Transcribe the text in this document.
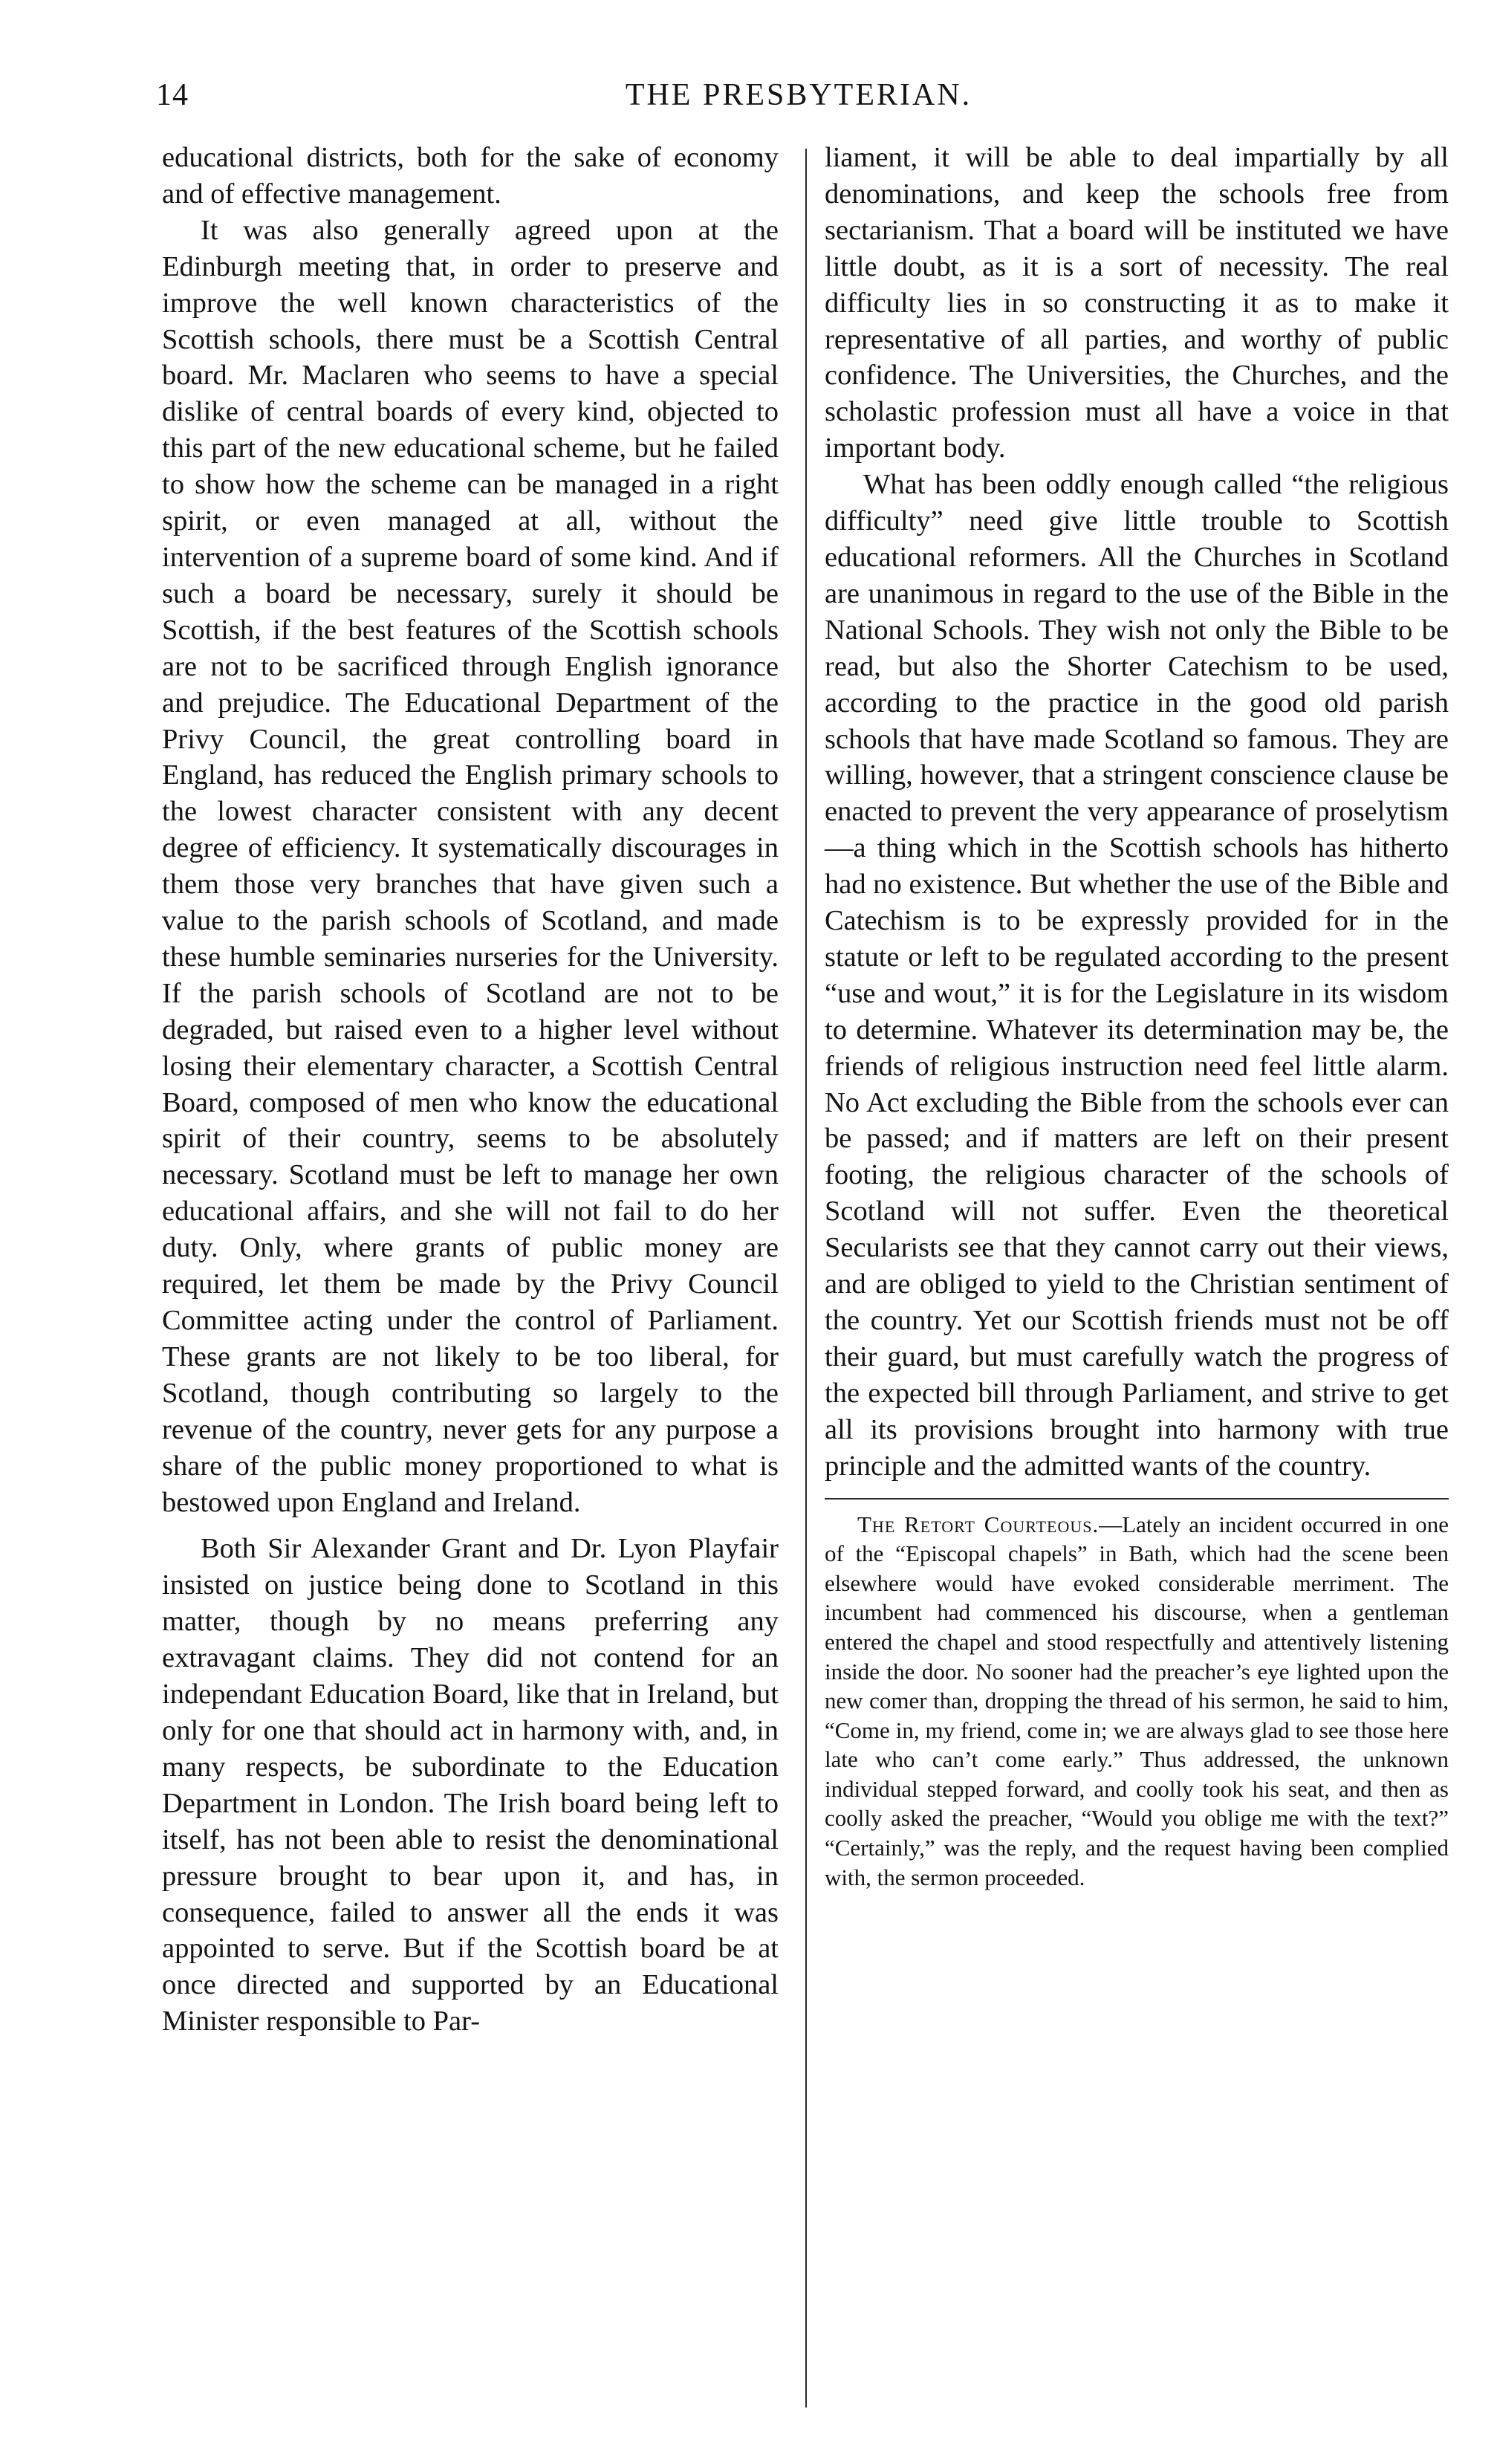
14	THE PRESBYTERIAN.

educational districts, both for the sake of economy and of effective management.

It was also generally agreed upon at the Edinburgh meeting that, in order to preserve and improve the well known characteristics of the Scottish schools, there must be a Scottish Central board. Mr. Maclaren who seems to have a special dislike of central boards of every kind, objected to this part of the new educational scheme, but he failed to show how the scheme can be managed in a right spirit, or even managed at all, without the intervention of a supreme board of some kind. And if such a board be necessary, surely it should be Scottish, if the best features of the Scottish schools are not to be sacrificed through English ignorance and prejudice. The Educational Department of the Privy Council, the great controlling board in England, has reduced the English primary schools to the lowest character consistent with any decent degree of efficiency. It systematically discourages in them those very branches that have given such a value to the parish schools of Scotland, and made these humble seminaries nurseries for the University. If the parish schools of Scotland are not to be degraded, but raised even to a higher level without losing their elementary character, a Scottish Central Board, composed of men who know the educational spirit of their country, seems to be absolutely necessary. Scotland must be left to manage her own educational affairs, and she will not fail to do her duty. Only, where grants of public money are required, let them be made by the Privy Council Committee acting under the control of Parliament. These grants are not likely to be too liberal, for Scotland, though contributing so largely to the revenue of the country, never gets for any purpose a share of the public money proportioned to what is bestowed upon England and Ireland.

Both Sir Alexander Grant and Dr. Lyon Playfair insisted on justice being done to Scotland in this matter, though by no means preferring any extravagant claims. They did not contend for an independant Education Board, like that in Ireland, but only for one that should act in harmony with, and, in many respects, be subordinate to the Education Department in London. The Irish board being left to itself, has not been able to resist the denominational pressure brought to bear upon it, and has, in consequence, failed to answer all the ends it was appointed to serve. But if the Scottish board be at once directed and supported by an Educational Minister responsible to Par-

liament, it will be able to deal impartially by all denominations, and keep the schools free from sectarianism. That a board will be instituted we have little doubt, as it is a sort of necessity. The real difficulty lies in so constructing it as to make it representative of all parties, and worthy of public confidence. The Universities, the Churches, and the scholastic profession must all have a voice in that important body.

What has been oddly enough called “the religious difficulty” need give little trouble to Scottish educational reformers. All the Churches in Scotland are unanimous in regard to the use of the Bible in the National Schools. They wish not only the Bible to be read, but also the Shorter Catechism to be used, according to the practice in the good old parish schools that have made Scotland so famous. They are willing, however, that a stringent conscience clause be enacted to prevent the very appearance of proselytism—a thing which in the Scottish schools has hitherto had no existence. But whether the use of the Bible and Catechism is to be expressly provided for in the statute or left to be regulated according to the present “use and wout,” it is for the Legislature in its wisdom to determine. Whatever its determination may be, the friends of religious instruction need feel little alarm. No Act excluding the Bible from the schools ever can be passed; and if matters are left on their present footing, the religious character of the schools of Scotland will not suffer. Even the theoretical Secularists see that they cannot carry out their views, and are obliged to yield to the Christian sentiment of the country. Yet our Scottish friends must not be off their guard, but must carefully watch the progress of the expected bill through Parliament, and strive to get all its provisions brought into harmony with true principle and the admitted wants of the country.

The Retort Courteous.—Lately an incident occurred in one of the “Episcopal chapels” in Bath, which had the scene been elsewhere would have evoked considerable merriment. The incumbent had commenced his discourse, when a gentleman entered the chapel and stood respectfully and attentively listening inside the door. No sooner had the preacher’s eye lighted upon the new comer than, dropping the thread of his sermon, he said to him, “Come in, my friend, come in; we are always glad to see those here late who can’t come early.” Thus addressed, the unknown individual stepped forward, and coolly took his seat, and then as coolly asked the preacher, “Would you oblige me with the text?” “Certainly,” was the reply, and the request having been complied with, the sermon proceeded.
